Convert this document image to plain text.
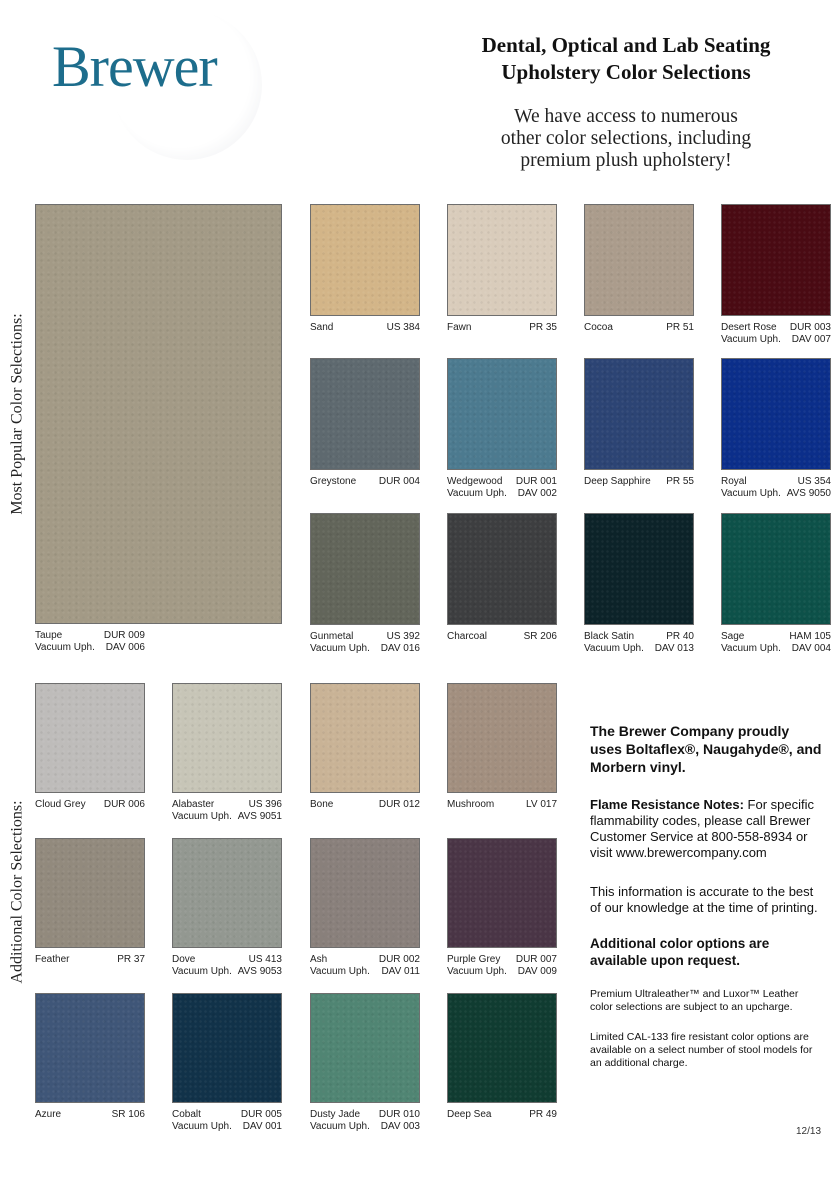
Brewer	Dental, Optical and Lab Seating
Upholstery Color Selections
We have access to numerous
other color selections, including
premium plush upholstery!
Most Popular Color Selections:
Additional Color Selections:
Taupe	DUR 009
Vacuum Uph. DAV 006
Sand	US 384	Fawn	PR 35	Cocoa	PR 51	Desert Rose DUR 003
Vacuum Uph. DAV 007
Greystone DUR 004	Wedgewood DUR 001
Vacuum Uph. DAV 002
Deep Sapphire PR 55	Royal	US 354
Vacuum Uph. AVS 9050
Gunmetal	US 392
Vacuum Uph. DAV 016
Charcoal	SR 206	Black Satin	PR 40
Vacuum Uph. DAV 013
Sage	HAM 105
Vacuum Uph. DAV 004
Cloud Grey DUR 006	Alabaster	US 396
Vacuum Uph. AVS 9051
Bone	DUR 012	Mushroom	LV 017
Feather	PR 37	Dove	US 413
Vacuum Uph. AVS 9053
Ash	DUR 002
Vacuum Uph. DAV 011
Purple Grey DUR 007
Vacuum Uph. DAV 009
Azure	SR 106	Cobalt	DUR 005
Vacuum Uph. DAV 001
Dusty Jade DUR 010
Vacuum Uph. DAV 003
Deep Sea	PR 49
The Brewer Company proudly uses Boltaflex®, Naugahyde®, and Morbern vinyl.
Flame Resistance Notes: For specific flammability codes, please call Brewer Customer Service at 800-558-8934 or visit www.brewercompany.com
This information is accurate to the best of our knowledge at the time of printing.
Additional color options are available upon request.
Premium Ultraleather™ and Luxor™ Leather color selections are subject to an upcharge.
Limited CAL-133 fire resistant color options are available on a select number of stool models for an additional charge.
12/13
